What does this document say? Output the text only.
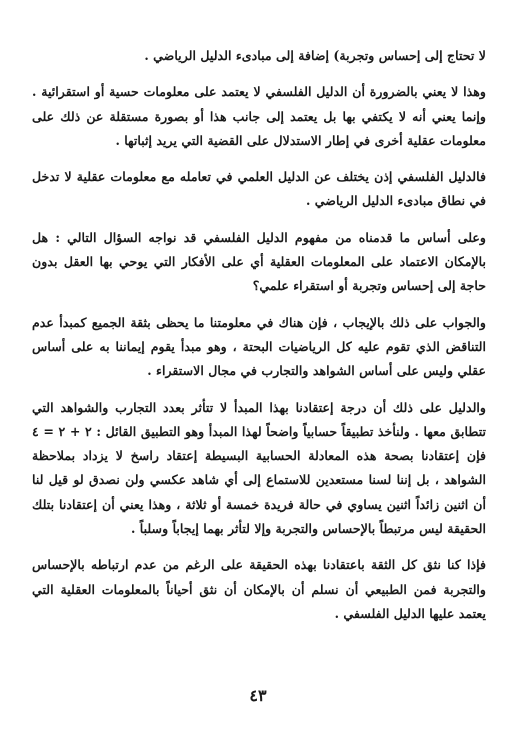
لا تحتاج إلى إحساس وتجربة) إضافة إلى مبادىء الدليل الرياضي .

وهذا لا يعني بالضرورة أن الدليل الفلسفي لا يعتمد على معلومات حسية أو استقرائية . وإنما يعني أنه لا يكتفي بها بل يعتمد إلى جانب هذا أو بصورة مستقلة عن ذلك على معلومات عقلية أخرى في إطار الاستدلال على القضية التي يريد إثباتها .

فالدليل الفلسفي إذن يختلف عن الدليل العلمي في تعامله مع معلومات عقلية لا تدخل في نطاق مبادىء الدليل الرياضي .

وعلى أساس ما قدمناه من مفهوم الدليل الفلسفي قد نواجه السؤال التالي : هل بالإمكان الاعتماد على المعلومات العقلية أي على الأفكار التي يوحي بها العقل بدون حاجة إلى إحساس وتجربة أو استقراء علمي؟

والجواب على ذلك بالإيجاب ، فإن هناك في معلومتنا ما يحظى بثقة الجميع كمبدأ عدم التناقض الذي تقوم عليه كل الرياضيات البحتة ، وهو مبدأ يقوم إيماننا به على أساس عقلي وليس على أساس الشواهد والتجارب في مجال الاستقراء .

والدليل على ذلك أن درجة إعتقادنا بهذا المبدأ لا تتأثر بعدد التجارب والشواهد التي تتطابق معها . ولنأخذ تطبيقاً حسابياً واضحاً لهذا المبدأ وهو التطبيق القائل : ٢ + ٢ = ٤ فإن إعتقادنا بصحة هذه المعادلة الحسابية البسيطة إعتقاد راسخ لا يزداد بملاحظة الشواهد ، بل إننا لسنا مستعدين للاستماع إلى أي شاهد عكسي ولن نصدق لو قيل لنا أن اثنين زائداً اثنين يساوي في حالة فريدة خمسة أو ثلاثة ، وهذا يعني أن إعتقادنا بتلك الحقيقة ليس مرتبطاً بالإحساس والتجربة وإلا لتأثر بهما إيجاباً وسلباً .

فإذا كنا نثق كل الثقة باعتقادنا بهذه الحقيقة على الرغم من عدم ارتباطه بالإحساس والتجربة فمن الطبيعي أن نسلم أن بالإمكان أن نثق أحياناً بالمعلومات العقلية التي يعتمد عليها الدليل الفلسفي .

٤٣
